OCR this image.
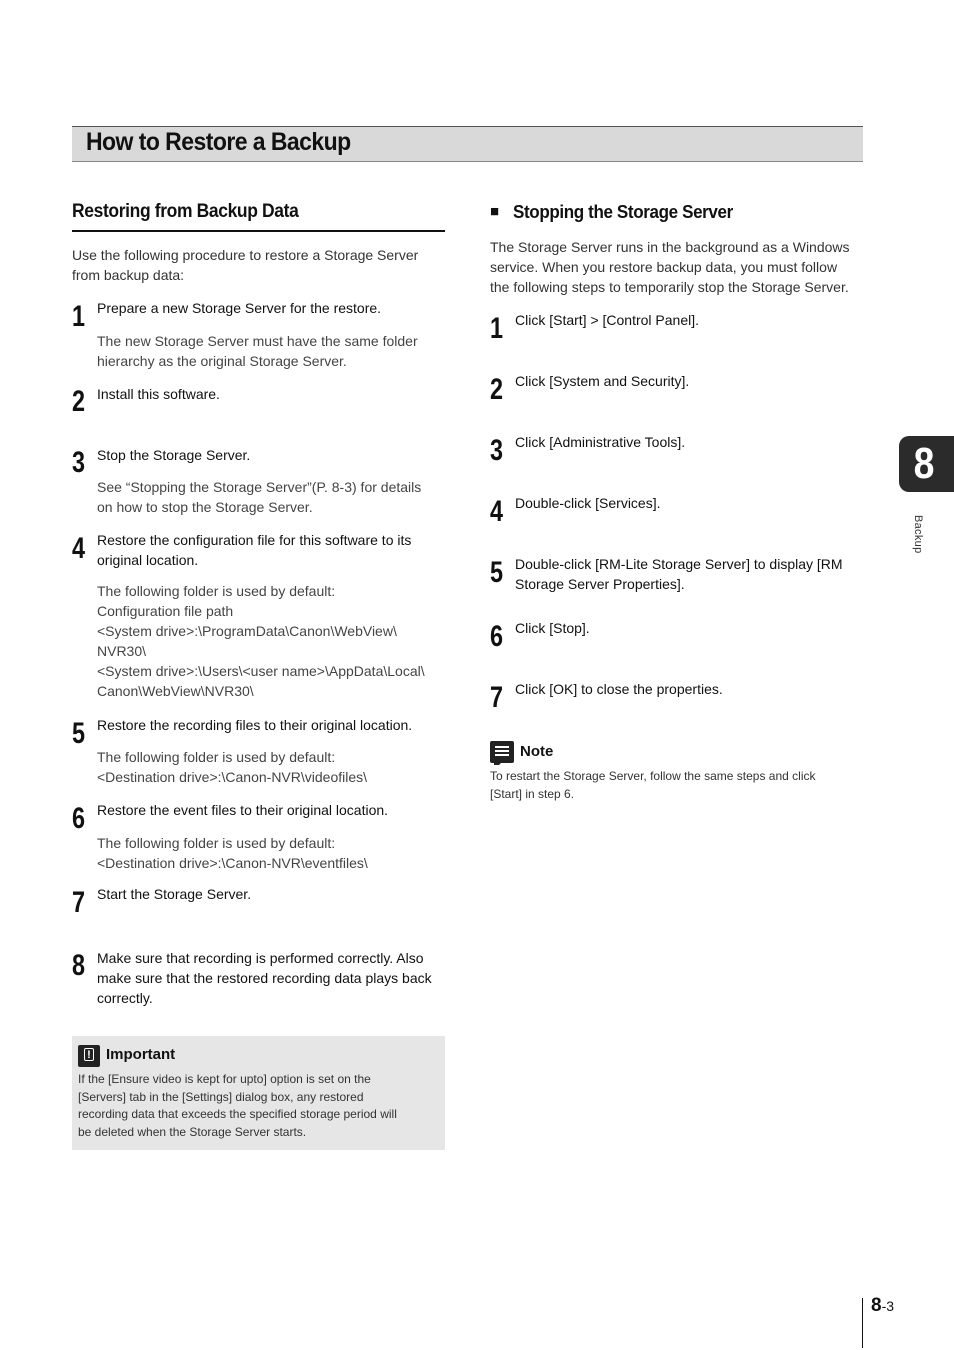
How to Restore a Backup
Restoring from Backup Data
Use the following procedure to restore a Storage Server
from backup data:
1 Prepare a new Storage Server for the restore.
The new Storage Server must have the same folder
hierarchy as the original Storage Server.
2 Install this software.
3 Stop the Storage Server.
See “Stopping the Storage Server”(P. 8-3) for details
on how to stop the Storage Server.
4 Restore the configuration file for this software to its
original location.
The following folder is used by default:
Configuration file path
<System drive>:\ProgramData\Canon\WebView\
NVR30\
<System drive>:\Users\<user name>\AppData\Local\
Canon\WebView\NVR30\
5 Restore the recording files to their original location.
The following folder is used by default:
<Destination drive>:\Canon-NVR\videofiles\
6 Restore the event files to their original location.
The following folder is used by default:
<Destination drive>:\Canon-NVR\eventfiles\
7 Start the Storage Server.
8 Make sure that recording is performed correctly. Also
make sure that the restored recording data plays back
correctly.
!
Important
If the [Ensure video is kept for upto] option is set on the
[Servers] tab in the [Settings] dialog box, any restored
recording data that exceeds the specified storage period will
be deleted when the Storage Server starts.
■ Stopping the Storage Server
The Storage Server runs in the background as a Windows
service. When you restore backup data, you must follow
the following steps to temporarily stop the Storage Server.
1 Click [Start] > [Control Panel].
2 Click [System and Security].
3 Click [Administrative Tools].
4 Double-click [Services].
5 Double-click [RM-Lite Storage Server] to display [RM
Storage Server Properties].
6 Click [Stop].
7 Click [OK] to close the properties.
Note
To restart the Storage Server, follow the same steps and click
[Start] in step 6.
8
Backup
8-3
